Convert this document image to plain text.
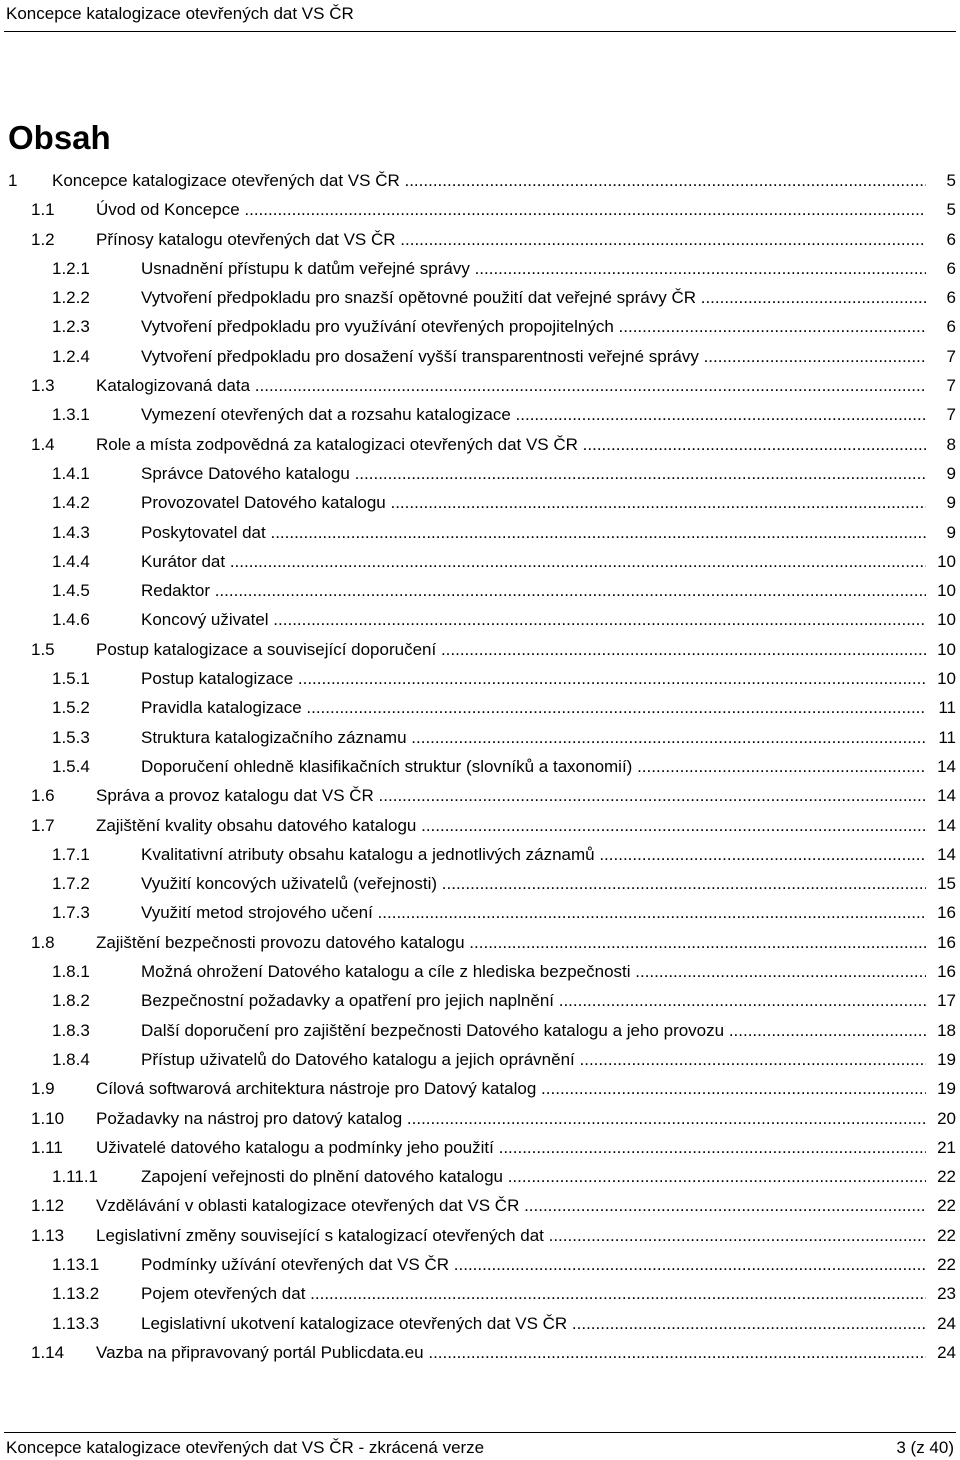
Koncepce katalogizace otevřených dat VS ČR
Obsah
1 Koncepce katalogizace otevřených dat VS ČR .....	5
1.1 Úvod od Koncepce .....	5
1.2 Přínosy katalogu otevřených dat VS ČR .....	6
1.2.1	Usnadnění přístupu k datům veřejné správy .....	6
1.2.2	Vytvoření předpokladu pro snazší opětovné použití dat veřejné správy ČR .....	6
1.2.3	Vytvoření předpokladu pro využívání otevřených propojitelných .....	6
1.2.4	Vytvoření předpokladu pro dosažení vyšší transparentnosti veřejné správy .....	7
1.3 Katalogizovaná data .....	7
1.3.1	Vymezení otevřených dat a rozsahu katalogizace .....	7
1.4 Role a místa zodpovědná za katalogizaci otevřených dat VS ČR .....	8
1.4.1	Správce Datového katalogu .....	9
1.4.2	Provozovatel Datového katalogu .....	9
1.4.3	Poskytovatel dat .....	9
1.4.4	Kurátor dat .....	10
1.4.5	Redaktor .....	10
1.4.6	Koncový uživatel .....	10
1.5 Postup katalogizace a související doporučení .....	10
1.5.1	Postup katalogizace .....	10
1.5.2	Pravidla katalogizace .....	11
1.5.3	Struktura katalogizačního záznamu .....	11
1.5.4	Doporučení ohledně klasifikačních struktur (slovníků a taxonomií) .....	14
1.6 Správa a provoz katalogu dat VS ČR .....	14
1.7 Zajištění kvality obsahu datového katalogu .....	14
1.7.1	Kvalitativní atributy obsahu katalogu a jednotlivých záznamů .....	14
1.7.2	Využití koncových uživatelů (veřejnosti) .....	15
1.7.3	Využití metod strojového učení .....	16
1.8 Zajištění bezpečnosti provozu datového katalogu .....	16
1.8.1	Možná ohrožení Datového katalogu a cíle z hlediska bezpečnosti .....	16
1.8.2	Bezpečnostní požadavky a opatření pro jejich naplnění .....	17
1.8.3	Další doporučení pro zajištění bezpečnosti Datového katalogu a jeho provozu .....	18
1.8.4	Přístup uživatelů do Datového katalogu a jejich oprávnění .....	19
1.9 Cílová softwarová architektura nástroje pro Datový katalog .....	19
1.10 Požadavky na nástroj pro datový katalog .....	20
1.11 Uživatelé datového katalogu a podmínky jeho použití .....	21
1.11.1	Zapojení veřejnosti do plnění datového katalogu .....	22
1.12 Vzdělávání v oblasti katalogizace otevřených dat VS ČR .....	22
1.13 Legislativní změny související s katalogizací otevřených dat .....	22
1.13.1 Podmínky užívání otevřených dat VS ČR .....	22
1.13.2 Pojem otevřených dat .....	23
1.13.3 Legislativní ukotvení katalogizace otevřených dat VS ČR .....	24
1.14 Vazba na připravovaný portál Publicdata.eu .....	24
Koncepce katalogizace otevřených dat VS ČR - zkrácená verze	3 (z 40)
